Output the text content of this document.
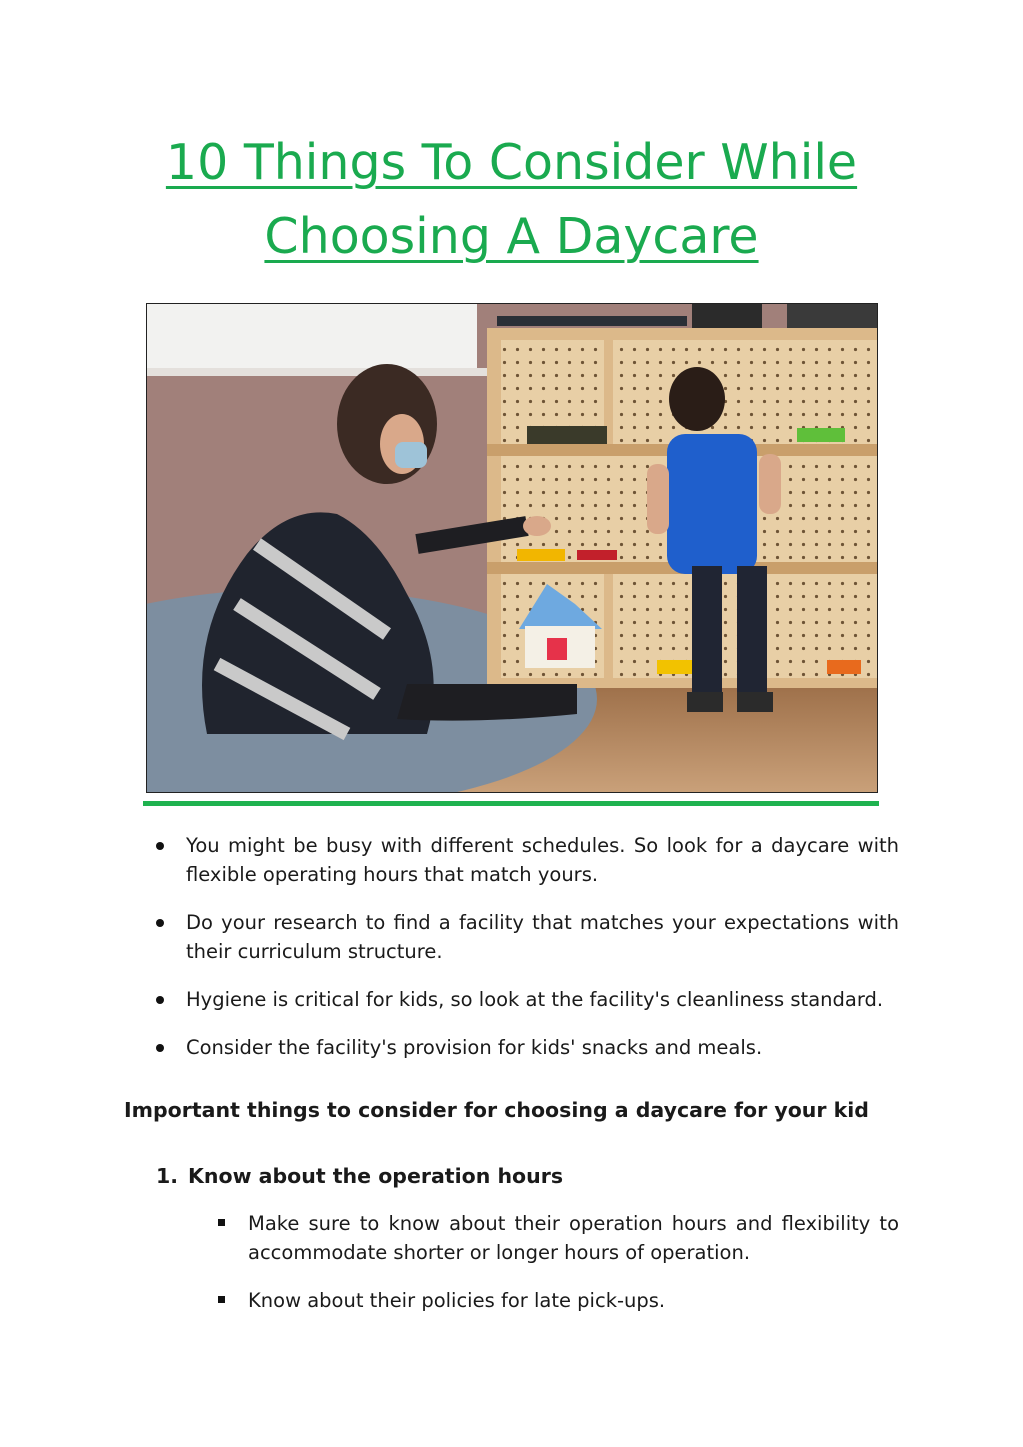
10 Things To Consider While
Choosing A Daycare
You might be busy with different schedules. So look for a daycare with flexible operating hours that match yours.
Do your research to find a facility that matches your expectations with their curriculum structure.
Hygiene is critical for kids, so look at the facility's cleanliness standard.
Consider the facility's provision for kids' snacks and meals.
Important things to consider for choosing a daycare for your kid
1. Know about the operation hours
Make sure to know about their operation hours and flexibility to accommodate shorter or longer hours of operation.
Know about their policies for late pick-ups.
